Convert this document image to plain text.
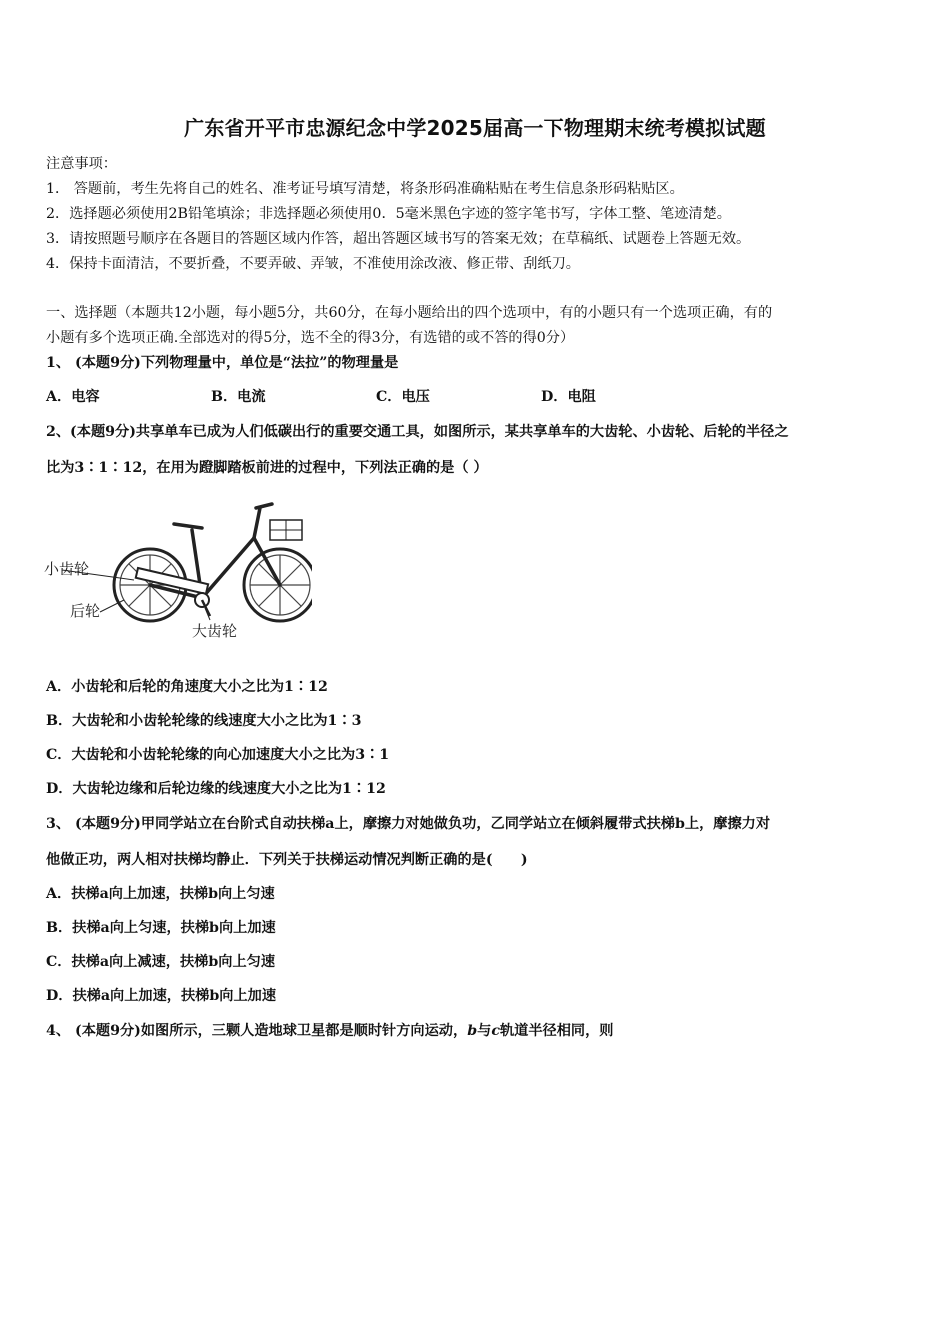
广东省开平市忠源纪念中学2025届高一下物理期末统考模拟试题
注意事项：
1． 答题前，考生先将自己的姓名、准考证号填写清楚，将条形码准确粘贴在考生信息条形码粘贴区。
2．选择题必须使用2B铅笔填涂；非选择题必须使用0．5毫米黑色字迹的签字笔书写，字体工整、笔迹清楚。
3．请按照题号顺序在各题目的答题区域内作答，超出答题区域书写的答案无效；在草稿纸、试题卷上答题无效。
4．保持卡面清洁，不要折叠，不要弄破、弄皱，不准使用涂改液、修正带、刮纸刀。
一、选择题（本题共12小题，每小题5分，共60分，在每小题给出的四个选项中，有的小题只有一个选项正确，有的
小题有多个选项正确.全部选对的得5分，选不全的得3分，有选错的或不答的得0分）
1、 (本题9分)下列物理量中，单位是“法拉”的物理量是
A．电容	B．电流	C．电压	D．电阻
2、(本题9分)共享单车已成为人们低碳出行的重要交通工具，如图所示，某共享单车的大齿轮、小齿轮、后轮的半径之
比为3∶1∶12，在用为蹬脚踏板前进的过程中，下列法正确的是（ ）
小齿轮
后轮
大齿轮
A．小齿轮和后轮的角速度大小之比为1∶12
B．大齿轮和小齿轮轮缘的线速度大小之比为1∶3
C．大齿轮和小齿轮轮缘的向心加速度大小之比为3∶1
D．大齿轮边缘和后轮边缘的线速度大小之比为1∶12
3、 (本题9分)甲同学站立在台阶式自动扶梯a上，摩擦力对她做负功，乙同学站立在倾斜履带式扶梯b上，摩擦力对
他做正功，两人相对扶梯均静止．下列关于扶梯运动情况判断正确的是(　　)
A．扶梯a向上加速，扶梯b向上匀速
B．扶梯a向上匀速，扶梯b向上加速
C．扶梯a向上减速，扶梯b向上匀速
D．扶梯a向上加速，扶梯b向上加速
4、 (本题9分)如图所示，三颗人造地球卫星都是顺时针方向运动，b与c轨道半径相同，则
